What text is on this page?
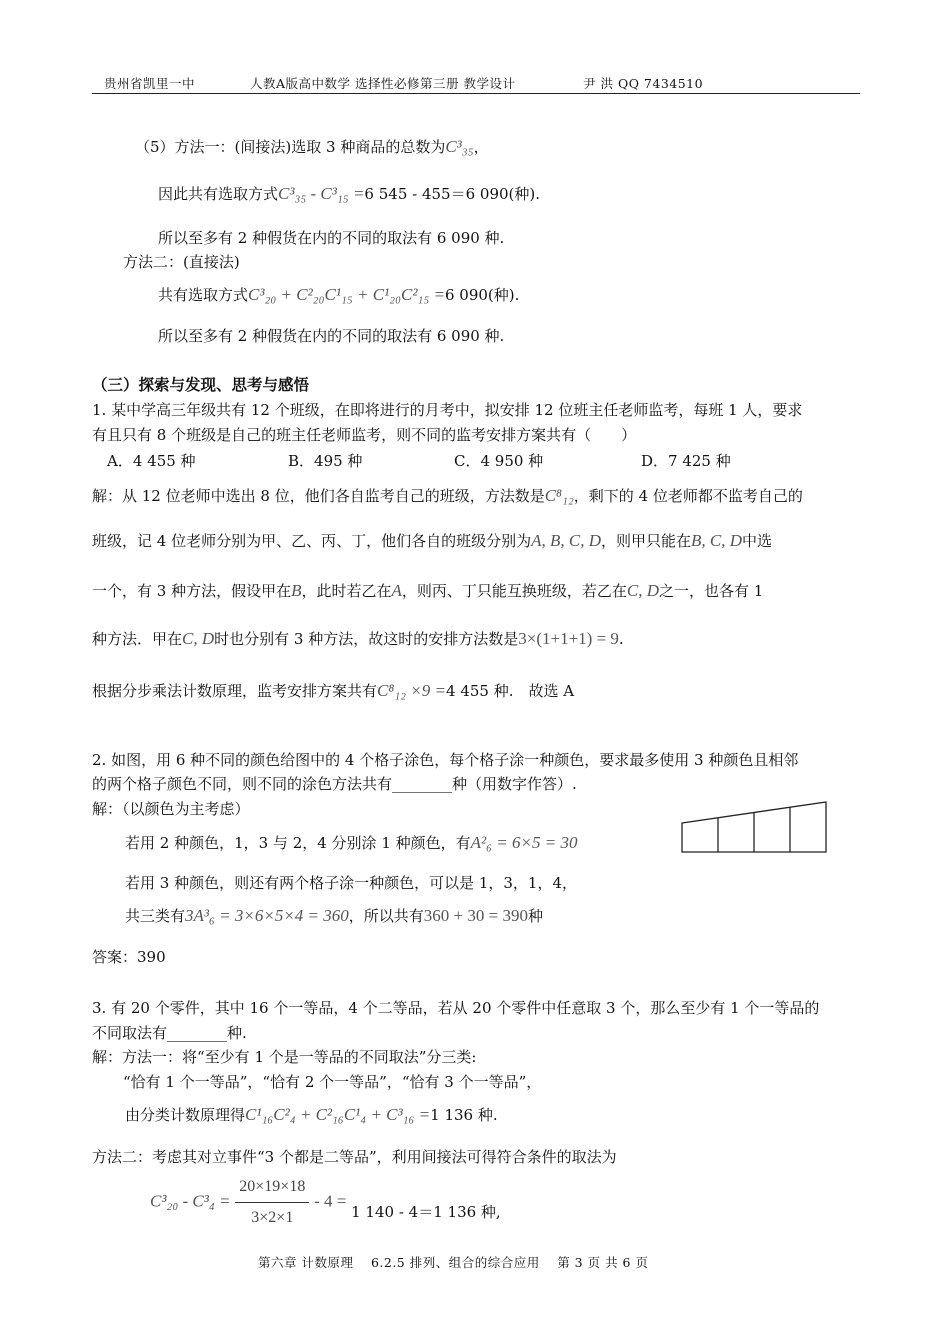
贵州省凯里一中	人教A版高中数学 选择性必修第三册 教学设计	尹 洪 QQ 7434510
（5）方法一：(间接法)选取 3 种商品的总数为C³₃₅，
因此共有选取方式C³₃₅ - C³₁₅ =6 545 - 455＝6 090(种).
所以至多有 2 种假货在内的不同的取法有 6 090 种.
方法二：(直接法)
共有选取方式C³₂₀ + C²₂₀C¹₁₅ + C¹₂₀C²₁₅ =6 090(种).
所以至多有 2 种假货在内的不同的取法有 6 090 种.
（三）探索与发现、思考与感悟
1. 某中学高三年级共有 12 个班级，在即将进行的月考中，拟安排 12 位班主任老师监考，每班 1 人，要求
有且只有 8 个班级是自己的班主任老师监考，则不同的监考安排方案共有（　　）
A．4 455 种	B．495 种	C．4 950 种	D．7 425 种
解：从 12 位老师中选出 8 位，他们各自监考自己的班级，方法数是C⁸₁₂，剩下的 4 位老师都不监考自己的
班级，记 4 位老师分别为甲、乙、丙、丁，他们各自的班级分别为A, B, C, D，则甲只能在B, C, D中选
一个，有 3 种方法，假设甲在B，此时若乙在A，则丙、丁只能互换班级，若乙在C, D之一，也各有 1
种方法．甲在C, D时也分别有 3 种方法，故这时的安排方法数是3×(1+1+1) = 9.
根据分步乘法计数原理，监考安排方案共有C⁸₁₂ ×9 =4 455 种.　故选 A
2. 如图，用 6 种不同的颜色给图中的 4 个格子涂色，每个格子涂一种颜色，要求最多使用 3 种颜色且相邻
的两个格子颜色不同，则不同的涂色方法共有________种（用数字作答）.
解：（以颜色为主考虑）
若用 2 种颜色，1，3 与 2，4 分别涂 1 种颜色，有A²₆ = 6×5 = 30
若用 3 种颜色，则还有两个格子涂一种颜色，可以是 1，3，1，4，
共三类有3A³₆ = 3×6×5×4 = 360，所以共有360 + 30 = 390种
答案：390
3. 有 20 个零件，其中 16 个一等品，4 个二等品，若从 20 个零件中任意取 3 个，那么至少有 1 个一等品的
不同取法有________种.
解：方法一：将“至少有 1 个是一等品的不同取法”分三类:
“恰有 1 个一等品”，“恰有 2 个一等品”，“恰有 3 个一等品”，
由分类计数原理得C¹₁₆C²₄ + C²₁₆C¹₄ + C³₁₆ =1 136 种.
方法二：考虑其对立事件“3 个都是二等品”，利用间接法可得符合条件的取法为
$C^3_{20} - C^3_4 = \frac{20\times 19\times 18}{3\times 2\times 1} - 4 = 1$ 140 - 4＝1 136 种,
第六章 计数原理　 6.2.5 排列、组合的综合应用　 第 3 页 共 6 页
